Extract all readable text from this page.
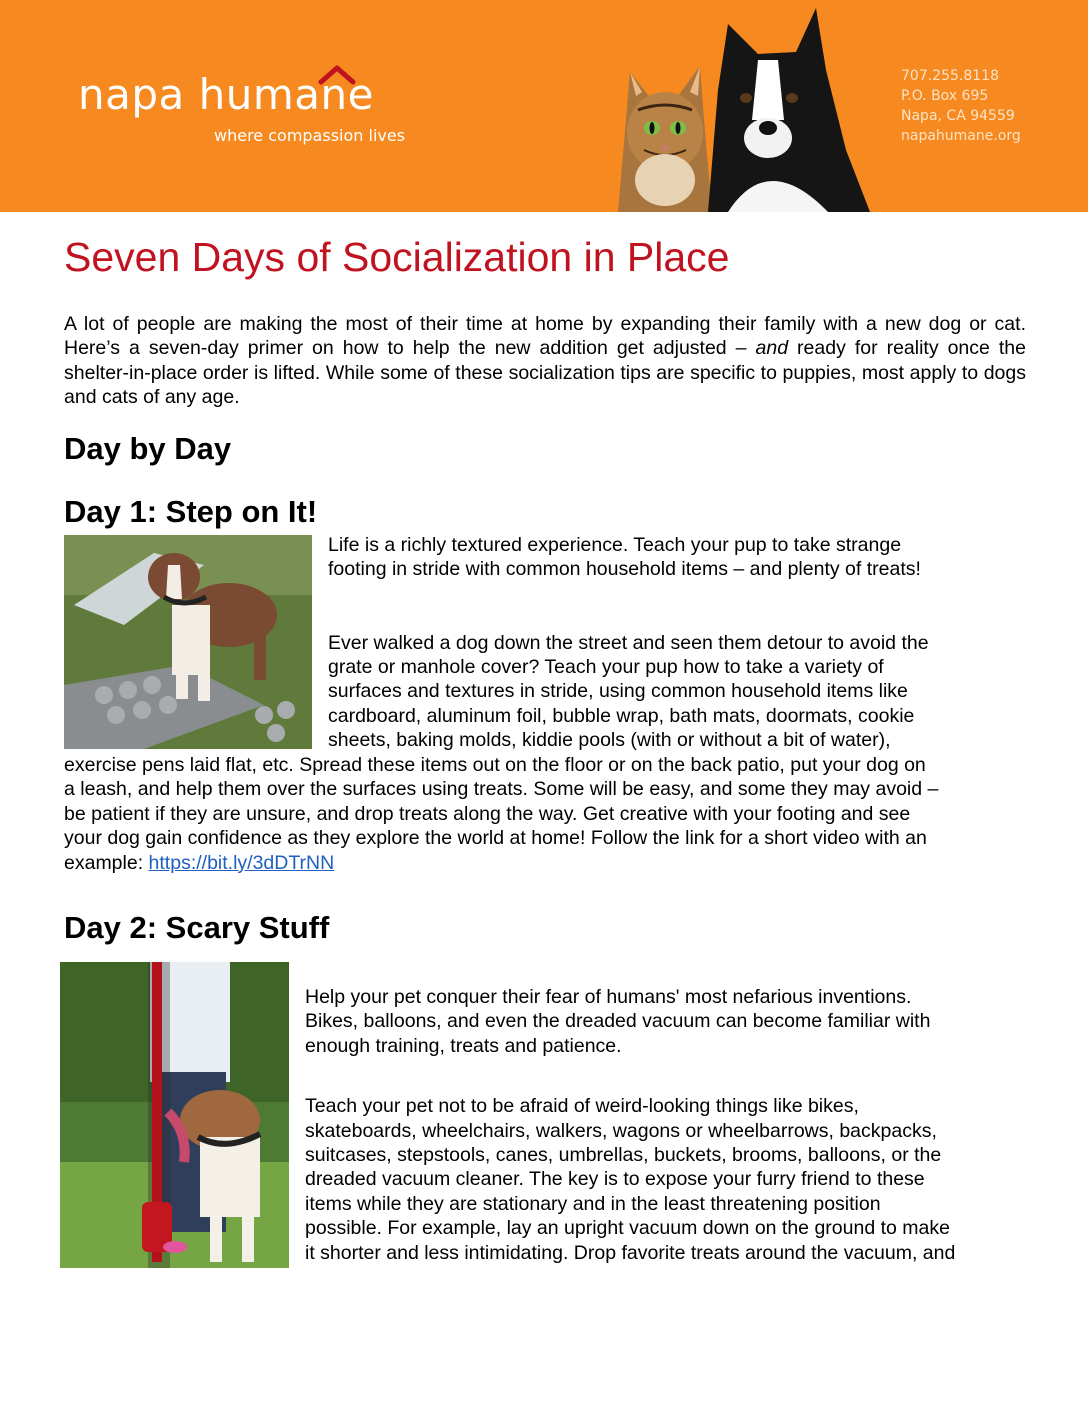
napa huma
ne
where compassion lives
707.255.8118
P.O. Box 695
Napa, CA 94559
napahumane.org
Seven Days of Socialization in Place

A lot of people are making the most of their time at home by expanding their family with a new dog or cat. Here’s a seven-day primer on how to help the new addition get adjusted – and ready for reality once the shelter-in-place order is lifted. While some of these socialization tips are specific to puppies, most apply to dogs and cats of any age.

Day by Day
Day 1: Step on It!
Life is a richly textured experience. Teach your pup to take strange
footing in stride with common household items – and plenty of treats!
Ever walked a dog down the street and seen them detour to avoid the
grate or manhole cover? Teach your pup how to take a variety of
surfaces and textures in stride, using common household items like
cardboard, aluminum foil, bubble wrap, bath mats, doormats, cookie
sheets, baking molds, kiddie pools (with or without a bit of water),
exercise pens laid flat, etc. Spread these items out on the floor or on the back patio, put your dog on
a leash, and help them over the surfaces using treats. Some will be easy, and some they may avoid –
be patient if they are unsure, and drop treats along the way. Get creative with your footing and see
your dog gain confidence as they explore the world at home! Follow the link for a short video with an
example: https://bit.ly/3dDTrNN
Day 2: Scary Stuff
Help your pet conquer their fear of humans' most nefarious inventions.
Bikes, balloons, and even the dreaded vacuum can become familiar with
enough training, treats and patience.
Teach your pet not to be afraid of weird-looking things like bikes,
skateboards, wheelchairs, walkers, wagons or wheelbarrows, backpacks,
suitcases, stepstools, canes, umbrellas, buckets, brooms, balloons, or the
dreaded vacuum cleaner. The key is to expose your furry friend to these
items while they are stationary and in the least threatening position
possible. For example, lay an upright vacuum down on the ground to make
it shorter and less intimidating. Drop favorite treats around the vacuum, and
